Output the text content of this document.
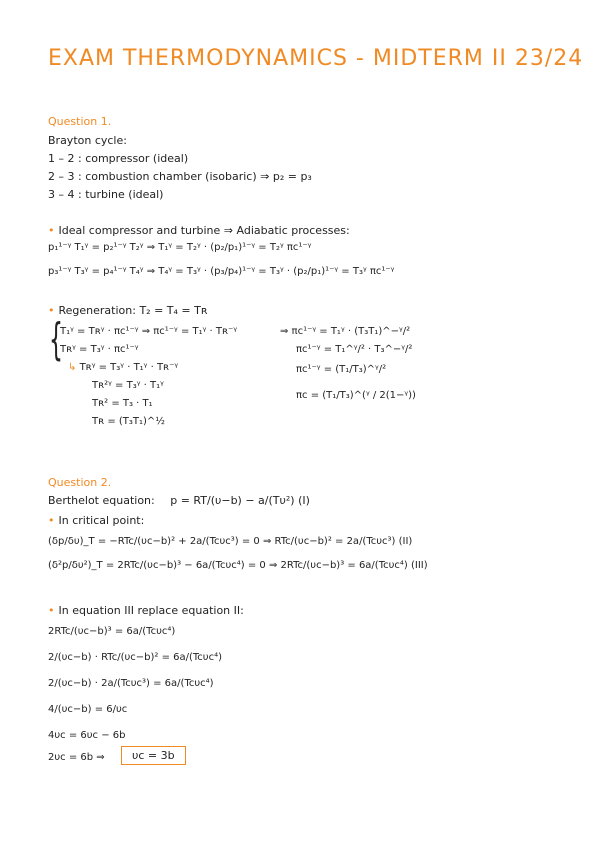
EXAM THERMODYNAMICS - MIDTERM II 23/24
Question 1.
Brayton cycle:
1 – 2 : compressor (ideal)
2 – 3 : combustion chamber (isobaric) ⇒ p₂ = p₃
3 – 4 : turbine (ideal)
• Ideal compressor and turbine ⇒ Adiabatic processes:
p₁¹⁻ᵞ T₁ᵞ = p₂¹⁻ᵞ T₂ᵞ ⇒ T₁ᵞ = T₂ᵞ · (p₂/p₁)¹⁻ᵞ = T₂ᵞ πc¹⁻ᵞ
p₃¹⁻ᵞ T₃ᵞ = p₄¹⁻ᵞ T₄ᵞ ⇒ T₄ᵞ = T₃ᵞ · (p₃/p₄)¹⁻ᵞ = T₃ᵞ · (p₂/p₁)¹⁻ᵞ = T₃ᵞ πc¹⁻ᵞ
• Regeneration: T₂ = T₄ = Tʀ
{
T₁ᵞ = Tʀᵞ · πc¹⁻ᵞ ⇒ πc¹⁻ᵞ = T₁ᵞ · Tʀ⁻ᵞ
Tʀᵞ = T₃ᵞ · πc¹⁻ᵞ
↳ Tʀᵞ = T₃ᵞ · T₁ᵞ · Tʀ⁻ᵞ
Tʀ²ᵞ = T₃ᵞ · T₁ᵞ
Tʀ² = T₃ · T₁
Tʀ = (T₃T₁)^½
⇒ πc¹⁻ᵞ = T₁ᵞ · (T₃T₁)^−ᵞ/²
πc¹⁻ᵞ = T₁^ᵞ/² · T₃^−ᵞ/²
πc¹⁻ᵞ = (T₁/T₃)^ᵞ/²
πc = (T₁/T₃)^(ᵞ / 2(1−ᵞ))
Question 2.
Berthelot equation: p = RT/(υ−b) − a/(Tυ²) (I)
• In critical point:
(δp/δυ)_T = −RTc/(υc−b)² + 2a/(Tcυc³) = 0 ⇒ RTc/(υc−b)² = 2a/(Tcυc³) (II)
(δ²p/δυ²)_T = 2RTc/(υc−b)³ − 6a/(Tcυc⁴) = 0 ⇒ 2RTc/(υc−b)³ = 6a/(Tcυc⁴) (III)
• In equation III replace equation II:
2RTc/(υc−b)³ = 6a/(Tcυc⁴)
2/(υc−b) · RTc/(υc−b)² = 6a/(Tcυc⁴)
2/(υc−b) · 2a/(Tcυc³) = 6a/(Tcυc⁴)
4/(υc−b) = 6/υc
4υc = 6υc − 6b
2υc = 6b ⇒	υc = 3b
